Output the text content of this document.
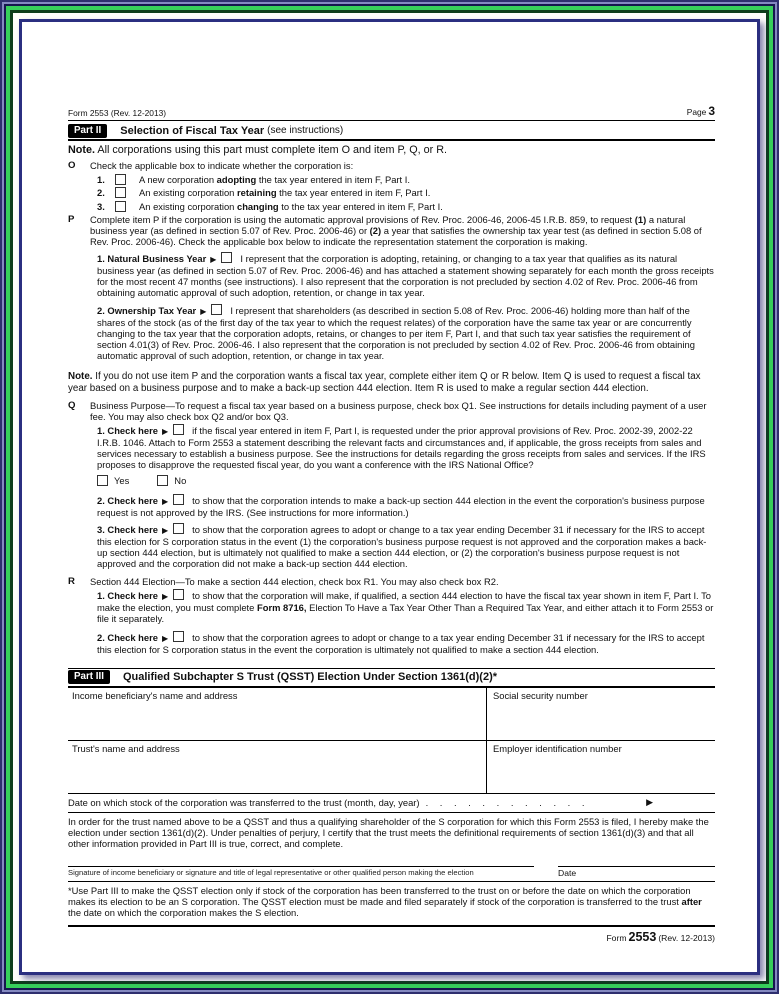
Form 2553 (Rev. 12-2013)	Page 3
Part II	Selection of Fiscal Tax Year (see instructions)
Note. All corporations using this part must complete item O and item P, Q, or R.
O	Check the applicable box to indicate whether the corporation is:
1.	A new corporation adopting the tax year entered in item F, Part I.
2.	An existing corporation retaining the tax year entered in item F, Part I.
3.	An existing corporation changing to the tax year entered in item F, Part I.
P	Complete item P if the corporation is using the automatic approval provisions of Rev. Proc. 2006-46, 2006-45 I.R.B. 859, to request (1) a natural business year (as defined in section 5.07 of Rev. Proc. 2006-46) or (2) a year that satisfies the ownership tax year test (as defined in section 5.08 of Rev. Proc. 2006-46). Check the applicable box below to indicate the representation statement the corporation is making.
1. Natural Business Year ▶	I represent that the corporation is adopting, retaining, or changing to a tax year that qualifies as its natural business year (as defined in section 5.07 of Rev. Proc. 2006-46) and has attached a statement showing separately for each month the gross receipts for the most recent 47 months (see instructions). I also represent that the corporation is not precluded by section 4.02 of Rev. Proc. 2006-46 from obtaining automatic approval of such adoption, retention, or change in tax year.
2. Ownership Tax Year ▶	I represent that shareholders (as described in section 5.08 of Rev. Proc. 2006-46) holding more than half of the shares of the stock (as of the first day of the tax year to which the request relates) of the corporation have the same tax year or are concurrently changing to the tax year that the corporation adopts, retains, or changes to per item F, Part I, and that such tax year satisfies the requirement of section 4.01(3) of Rev. Proc. 2006-46. I also represent that the corporation is not precluded by section 4.02 of Rev. Proc. 2006-46 from obtaining automatic approval of such adoption, retention, or change in tax year.
Note. If you do not use item P and the corporation wants a fiscal tax year, complete either item Q or R below. Item Q is used to request a fiscal tax year based on a business purpose and to make a back-up section 444 election. Item R is used to make a regular section 444 election.
Q	Business Purpose—To request a fiscal tax year based on a business purpose, check box Q1. See instructions for details including payment of a user fee. You may also check box Q2 and/or box Q3.
1. Check here ▶	if the fiscal year entered in item F, Part I, is requested under the prior approval provisions of Rev. Proc. 2002-39, 2002-22 I.R.B. 1046. Attach to Form 2553 a statement describing the relevant facts and circumstances and, if applicable, the gross receipts from sales and services necessary to establish a business purpose. See the instructions for details regarding the gross receipts from sales and services. If the IRS proposes to disapprove the requested fiscal year, do you want a conference with the IRS National Office?
Yes	No
2. Check here ▶	to show that the corporation intends to make a back-up section 444 election in the event the corporation's business purpose request is not approved by the IRS. (See instructions for more information.)
3. Check here ▶	to show that the corporation agrees to adopt or change to a tax year ending December 31 if necessary for the IRS to accept this election for S corporation status in the event (1) the corporation's business purpose request is not approved and the corporation makes a back-up section 444 election, but is ultimately not qualified to make a section 444 election, or (2) the corporation's business purpose request is not approved and the corporation did not make a back-up section 444 election.
R	Section 444 Election—To make a section 444 election, check box R1. You may also check box R2.
1. Check here ▶	to show that the corporation will make, if qualified, a section 444 election to have the fiscal tax year shown in item F, Part I. To make the election, you must complete Form 8716, Election To Have a Tax Year Other Than a Required Tax Year, and either attach it to Form 2553 or file it separately.
2. Check here ▶	to show that the corporation agrees to adopt or change to a tax year ending December 31 if necessary for the IRS to accept this election for S corporation status in the event the corporation is ultimately not qualified to make a section 444 election.
Part III	Qualified Subchapter S Trust (QSST) Election Under Section 1361(d)(2)*
Income beneficiary's name and address	Social security number
Trust's name and address	Employer identification number
Date on which stock of the corporation was transferred to the trust (month, day, year) . . . . . . . . . . . .	▶
In order for the trust named above to be a QSST and thus a qualifying shareholder of the S corporation for which this Form 2553 is filed, I hereby make the election under section 1361(d)(2). Under penalties of perjury, I certify that the trust meets the definitional requirements of section 1361(d)(3) and that all other information provided in Part III is true, correct, and complete.
Signature of income beneficiary or signature and title of legal representative or other qualified person making the election	Date
*Use Part III to make the QSST election only if stock of the corporation has been transferred to the trust on or before the date on which the corporation makes its election to be an S corporation. The QSST election must be made and filed separately if stock of the corporation is transferred to the trust after the date on which the corporation makes the S election.
Form 2553 (Rev. 12-2013)
